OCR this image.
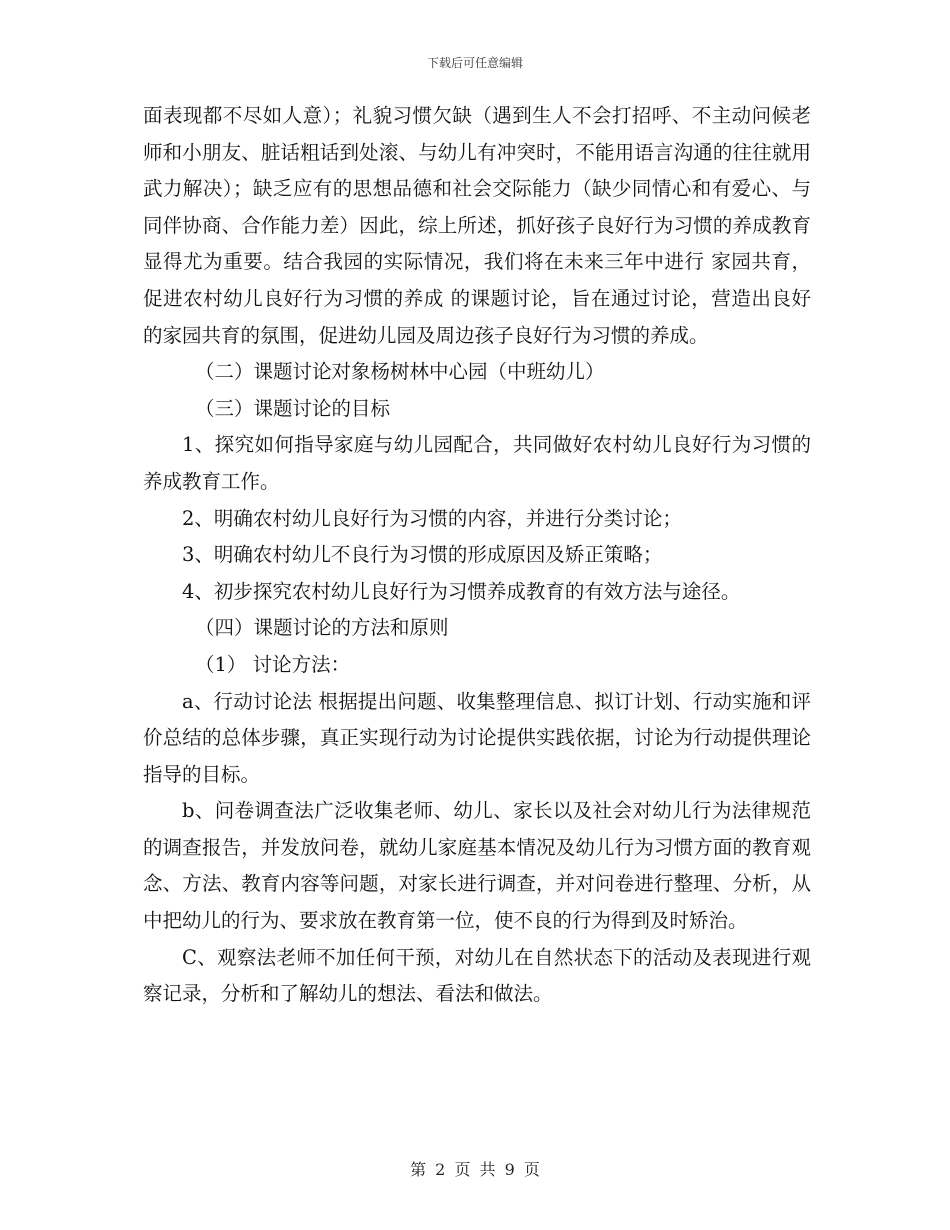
下载后可任意编辑

面表现都不尽如人意）；礼貌习惯欠缺（遇到生人不会打招呼、不主动问候老师和小朋友、脏话粗话到处滚、与幼儿有冲突时，不能用语言沟通的往往就用武力解决）；缺乏应有的思想品德和社会交际能力（缺少同情心和有爱心、与同伴协商、合作能力差）因此，综上所述，抓好孩子良好行为习惯的养成教育显得尤为重要。结合我园的实际情况，我们将在未来三年中进行 家园共育，促进农村幼儿良好行为习惯的养成 的课题讨论，旨在通过讨论，营造出良好的家园共育的氛围，促进幼儿园及周边孩子良好行为习惯的养成。

（二）课题讨论对象杨树林中心园（中班幼儿）

（三）课题讨论的目标

1、探究如何指导家庭与幼儿园配合，共同做好农村幼儿良好行为习惯的养成教育工作。

2、明确农村幼儿良好行为习惯的内容，并进行分类讨论；

3、明确农村幼儿不良行为习惯的形成原因及矫正策略；

4、初步探究农村幼儿良好行为习惯养成教育的有效方法与途径。

（四）课题讨论的方法和原则

（1） 讨论方法：

a、行动讨论法 根据提出问题、收集整理信息、拟订计划、行动实施和评价总结的总体步骤，真正实现行动为讨论提供实践依据，讨论为行动提供理论指导的目标。

b、问卷调查法广泛收集老师、幼儿、家长以及社会对幼儿行为法律规范的调查报告，并发放问卷，就幼儿家庭基本情况及幼儿行为习惯方面的教育观念、方法、教育内容等问题，对家长进行调查，并对问卷进行整理、分析，从中把幼儿的行为、要求放在教育第一位，使不良的行为得到及时矫治。

C、观察法老师不加任何干预，对幼儿在自然状态下的活动及表现进行观察记录，分析和了解幼儿的想法、看法和做法。

第 2 页 共 9 页
